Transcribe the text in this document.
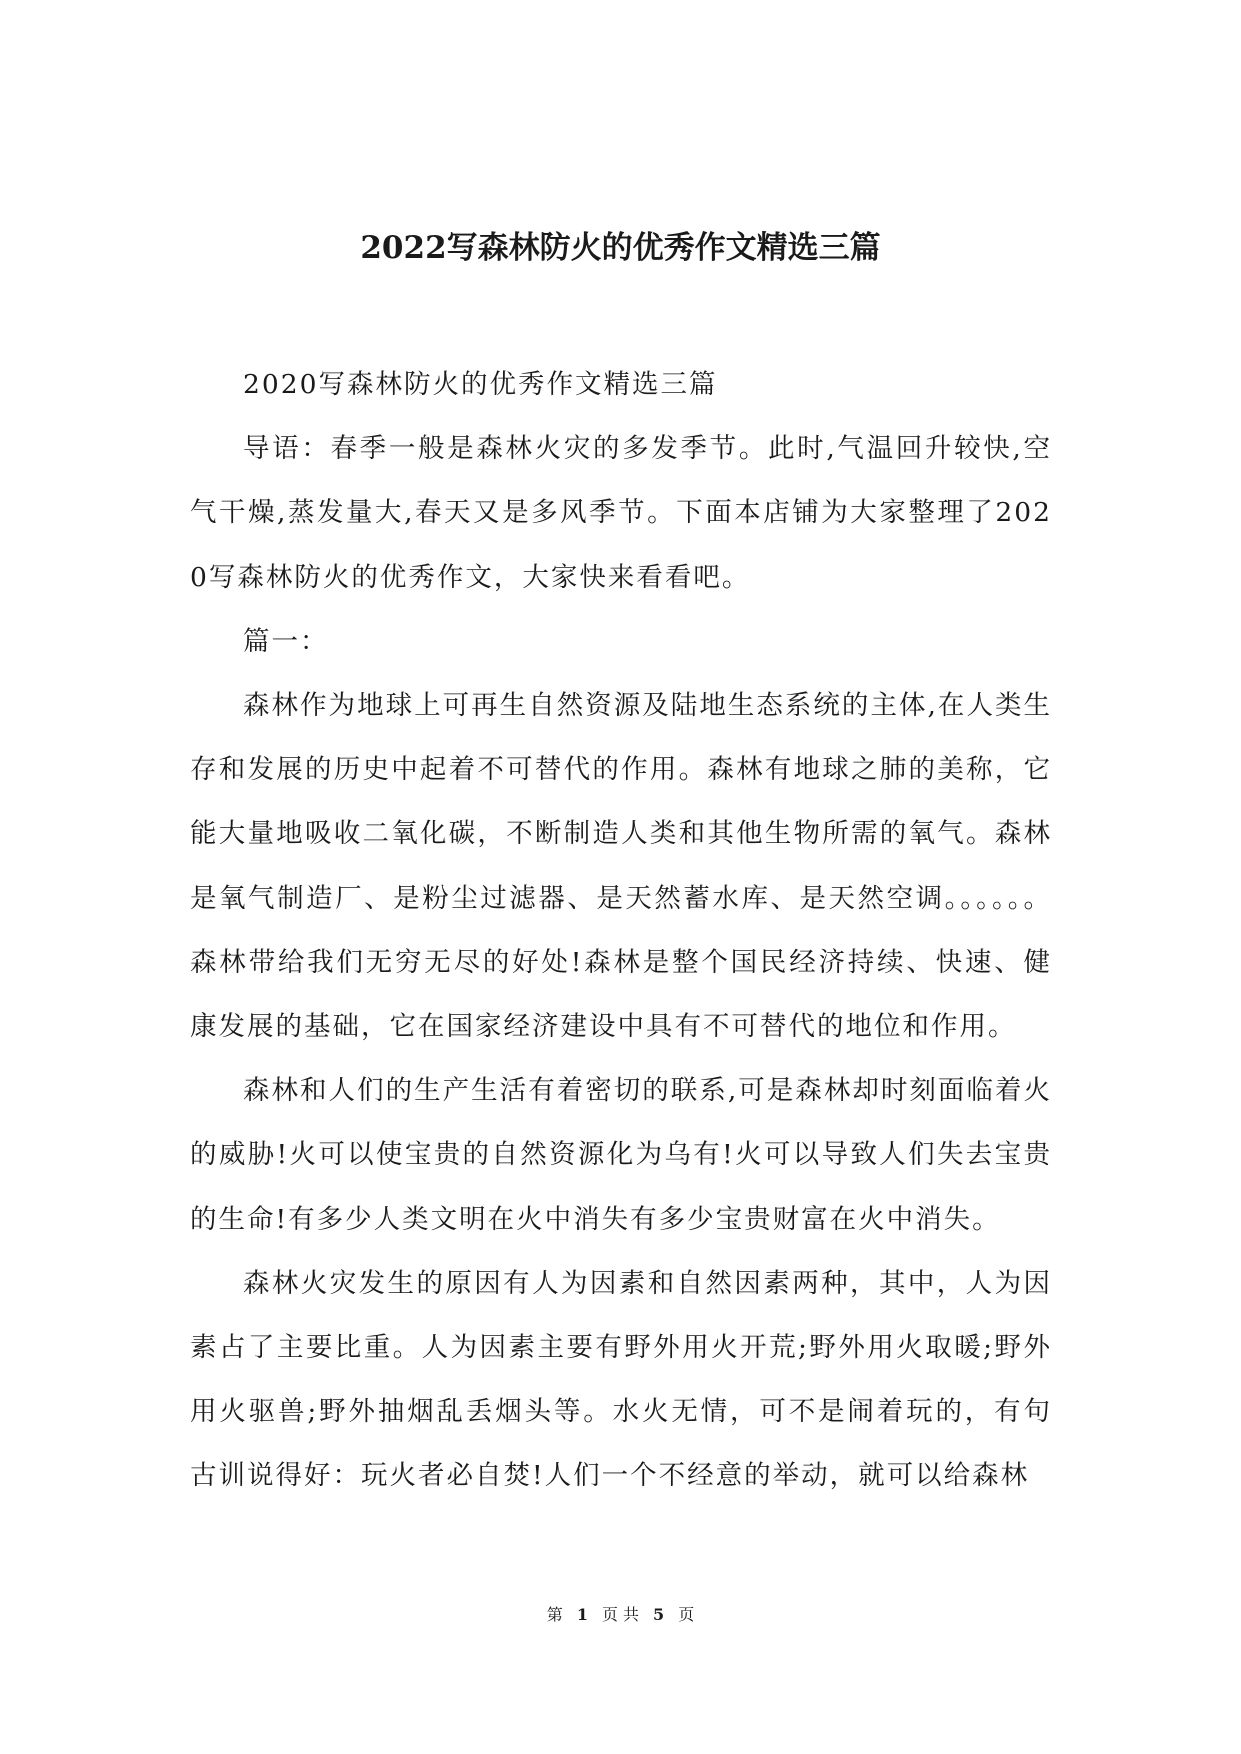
2022写森林防火的优秀作文精选三篇

2020写森林防火的优秀作文精选三篇

导语：春季一般是森林火灾的多发季节。此时,气温回升较快,空气干燥,蒸发量大,春天又是多风季节。下面本店铺为大家整理了2020写森林防火的优秀作文，大家快来看看吧。

篇一：

森林作为地球上可再生自然资源及陆地生态系统的主体,在人类生存和发展的历史中起着不可替代的作用。森林有地球之肺的美称，它能大量地吸收二氧化碳，不断制造人类和其他生物所需的氧气。森林是氧气制造厂、是粉尘过滤器、是天然蓄水库、是天然空调。。。。。。森林带给我们无穷无尽的好处!森林是整个国民经济持续、快速、健康发展的基础，它在国家经济建设中具有不可替代的地位和作用。

森林和人们的生产生活有着密切的联系,可是森林却时刻面临着火的威胁!火可以使宝贵的自然资源化为乌有!火可以导致人们失去宝贵的生命!有多少人类文明在火中消失有多少宝贵财富在火中消失。

森林火灾发生的原因有人为因素和自然因素两种，其中，人为因素占了主要比重。人为因素主要有野外用火开荒;野外用火取暖;野外用火驱兽;野外抽烟乱丢烟头等。水火无情，可不是闹着玩的，有句古训说得好：玩火者必自焚!人们一个不经意的举动，就可以给森林

第 1 页 共 5 页
